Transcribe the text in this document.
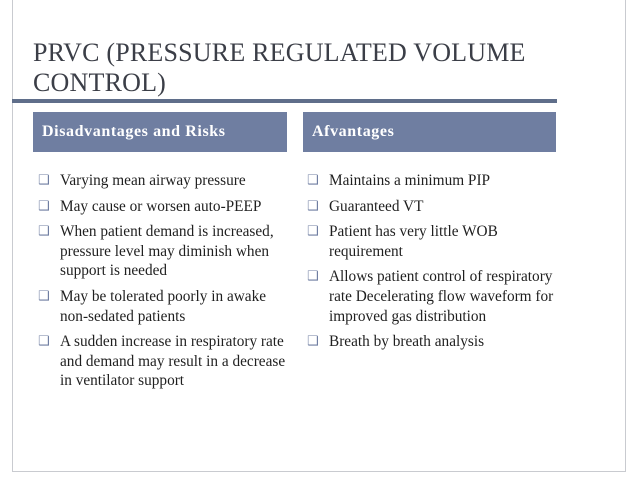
PRVC (PRESSURE REGULATED VOLUME CONTROL)
Disadvantages and Risks	Afvantages
❑ Varying mean airway pressure
❑ May cause or worsen auto-PEEP
❑ When patient demand is increased, pressure level may diminish when support is needed
❑ May be tolerated poorly in awake non-sedated patients
❑ A sudden increase in respiratory rate and demand may result in a decrease in ventilator support
❑ Maintains a minimum PIP
❑ Guaranteed VT
❑ Patient has very little WOB requirement
❑ Allows patient control of respiratory rate Decelerating flow waveform for improved gas distribution
❑ Breath by breath analysis
